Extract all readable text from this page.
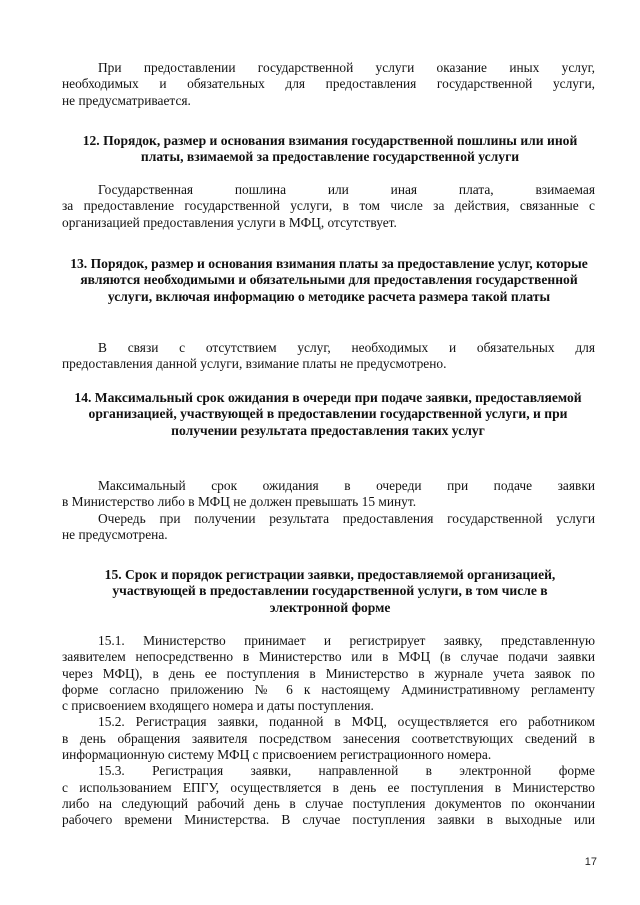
При предоставлении государственной услуги оказание иных услуг,
необходимых и обязательных для предоставления государственной услуги,
не предусматривается.
12. Порядок, размер и основания взимания государственной пошлины или иной платы, взимаемой за предоставление государственной услуги
Государственная пошлина или иная плата, взимаемая
за предоставление государственной услуги, в том числе за действия, связанные с
организацией предоставления услуги в МФЦ, отсутствует.
13. Порядок, размер и основания взимания платы за предоставление услуг, которые являются необходимыми и обязательными для предоставления государственной услуги, включая информацию о методике расчета размера такой платы
В связи с отсутствием услуг, необходимых и обязательных для
предоставления данной услуги, взимание платы не предусмотрено.
14. Максимальный срок ожидания в очереди при подаче заявки, предоставляемой организацией, участвующей в предоставлении государственной услуги, и при получении результата предоставления таких услуг
Максимальный срок ожидания в очереди при подаче заявки
в Министерство либо в МФЦ не должен превышать 15 минут.
Очередь при получении результата предоставления государственной услуги
не предусмотрена.
15. Срок и порядок регистрации заявки, предоставляемой организацией, участвующей в предоставлении государственной услуги, в том числе в электронной форме
15.1. Министерство принимает и регистрирует заявку, представленную
заявителем непосредственно в Министерство или в МФЦ (в случае подачи заявки
через МФЦ), в день ее поступления в Министерство в журнале учета заявок по
форме согласно приложению № 6 к настоящему Административному регламенту
с присвоением входящего номера и даты поступления.
15.2. Регистрация заявки, поданной в МФЦ, осуществляется его работником
в день обращения заявителя посредством занесения соответствующих сведений в
информационную систему МФЦ с присвоением регистрационного номера.
15.3. Регистрация заявки, направленной в электронной форме
с использованием ЕПГУ, осуществляется в день ее поступления в Министерство
либо на следующий рабочий день в случае поступления документов по окончании
рабочего времени Министерства. В случае поступления заявки в выходные или
17
